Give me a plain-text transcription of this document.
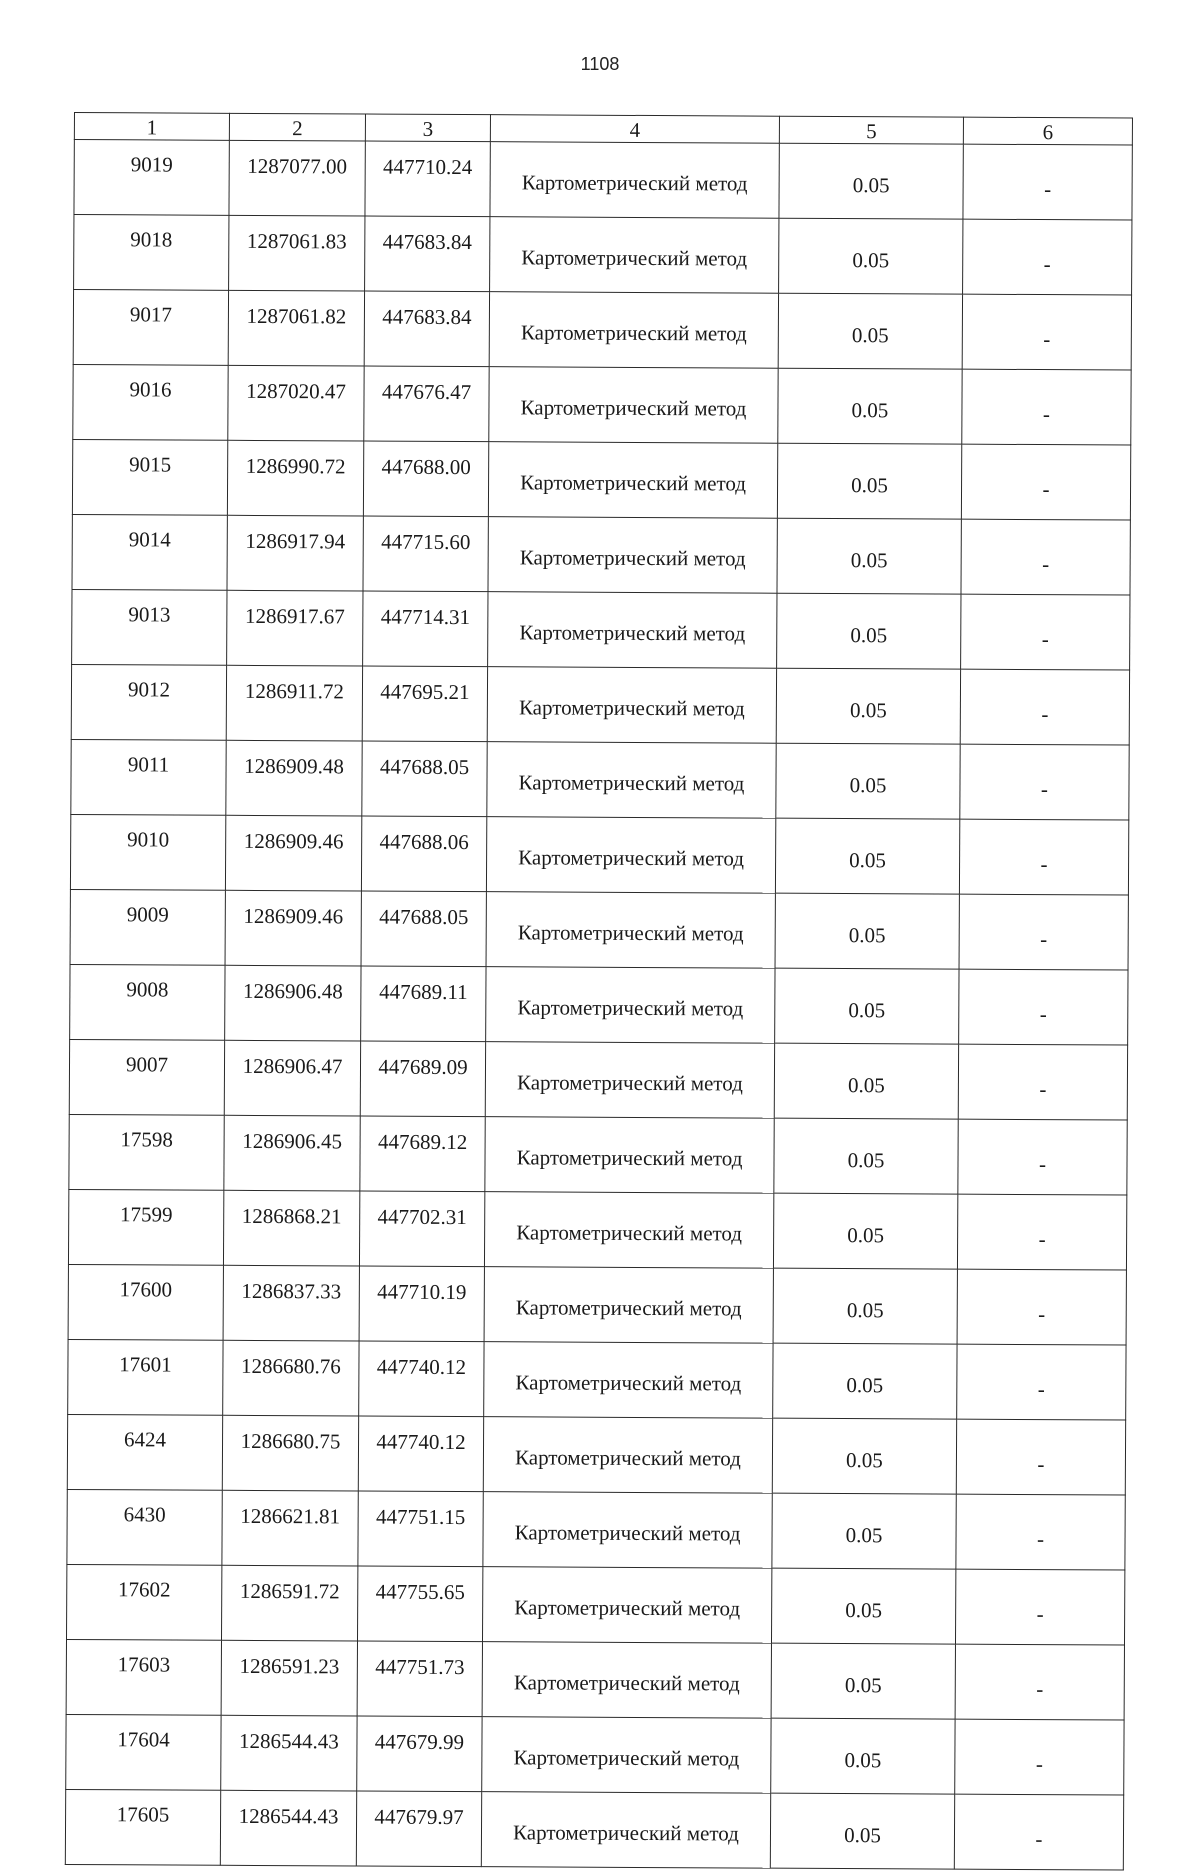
1108
1	2	3	4	5	6
9019	1287077.00	447710.24	Картометрический метод	0.05	-
9018	1287061.83	447683.84	Картометрический метод	0.05	-
9017	1287061.82	447683.84	Картометрический метод	0.05	-
9016	1287020.47	447676.47	Картометрический метод	0.05	-
9015	1286990.72	447688.00	Картометрический метод	0.05	-
9014	1286917.94	447715.60	Картометрический метод	0.05	-
9013	1286917.67	447714.31	Картометрический метод	0.05	-
9012	1286911.72	447695.21	Картометрический метод	0.05	-
9011	1286909.48	447688.05	Картометрический метод	0.05	-
9010	1286909.46	447688.06	Картометрический метод	0.05	-
9009	1286909.46	447688.05	Картометрический метод	0.05	-
9008	1286906.48	447689.11	Картометрический метод	0.05	-
9007	1286906.47	447689.09	Картометрический метод	0.05	-
17598	1286906.45	447689.12	Картометрический метод	0.05	-
17599	1286868.21	447702.31	Картометрический метод	0.05	-
17600	1286837.33	447710.19	Картометрический метод	0.05	-
17601	1286680.76	447740.12	Картометрический метод	0.05	-
6424	1286680.75	447740.12	Картометрический метод	0.05	-
6430	1286621.81	447751.15	Картометрический метод	0.05	-
17602	1286591.72	447755.65	Картометрический метод	0.05	-
17603	1286591.23	447751.73	Картометрический метод	0.05	-
17604	1286544.43	447679.99	Картометрический метод	0.05	-
17605	1286544.43	447679.97	Картометрический метод	0.05	-
